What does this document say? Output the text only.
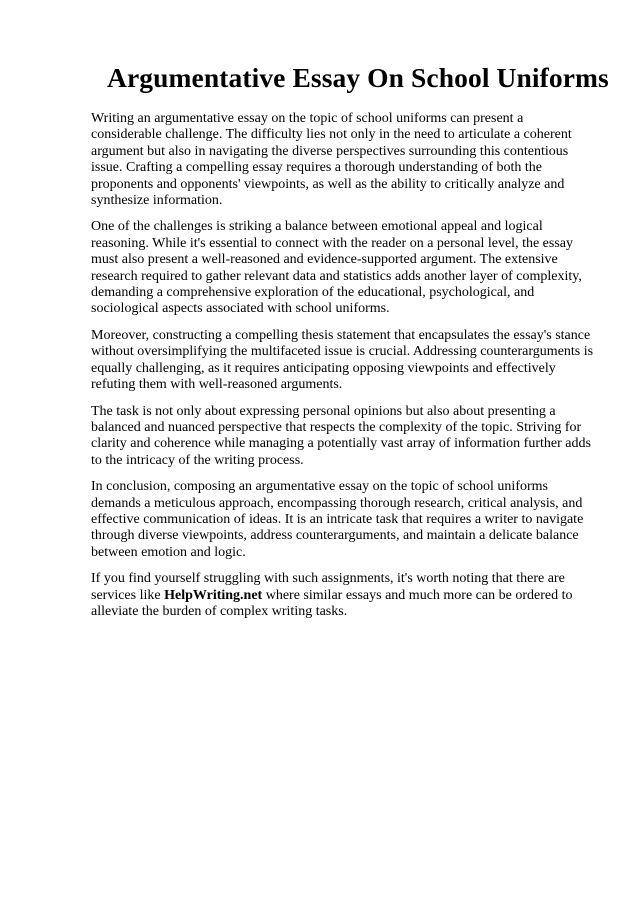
Argumentative Essay On School Uniforms

Writing an argumentative essay on the topic of school uniforms can present a considerable challenge. The difficulty lies not only in the need to articulate a coherent argument but also in navigating the diverse perspectives surrounding this contentious issue. Crafting a compelling essay requires a thorough understanding of both the proponents and opponents' viewpoints, as well as the ability to critically analyze and synthesize information.

One of the challenges is striking a balance between emotional appeal and logical reasoning. While it's essential to connect with the reader on a personal level, the essay must also present a well-reasoned and evidence-supported argument. The extensive research required to gather relevant data and statistics adds another layer of complexity, demanding a comprehensive exploration of the educational, psychological, and sociological aspects associated with school uniforms.

Moreover, constructing a compelling thesis statement that encapsulates the essay's stance without oversimplifying the multifaceted issue is crucial. Addressing counterarguments is equally challenging, as it requires anticipating opposing viewpoints and effectively refuting them with well-reasoned arguments.

The task is not only about expressing personal opinions but also about presenting a balanced and nuanced perspective that respects the complexity of the topic. Striving for clarity and coherence while managing a potentially vast array of information further adds to the intricacy of the writing process.

In conclusion, composing an argumentative essay on the topic of school uniforms demands a meticulous approach, encompassing thorough research, critical analysis, and effective communication of ideas. It is an intricate task that requires a writer to navigate through diverse viewpoints, address counterarguments, and maintain a delicate balance between emotion and logic.

If you find yourself struggling with such assignments, it's worth noting that there are services like HelpWriting.net where similar essays and much more can be ordered to alleviate the burden of complex writing tasks.
